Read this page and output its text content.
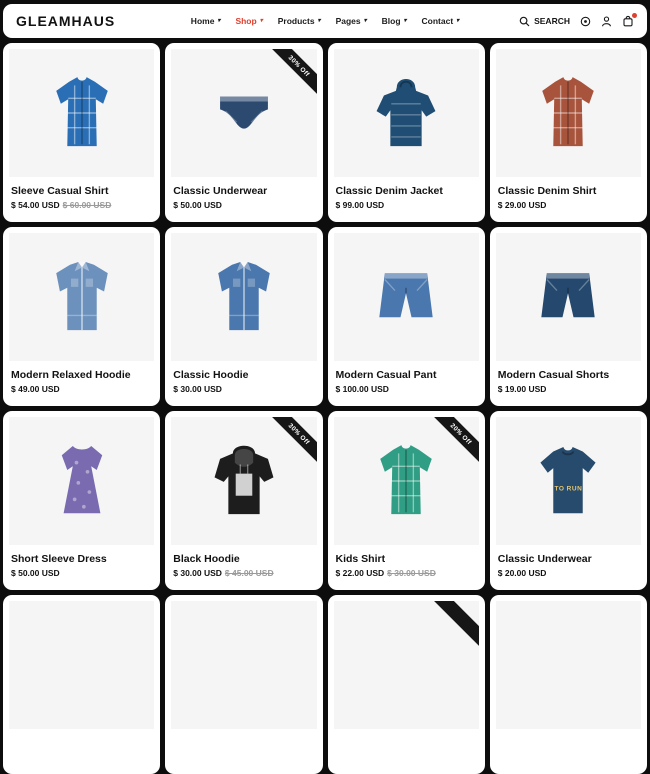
GLEAMHAUS	Home ▾ Shop ▾ Products ▾ Pages ▾ Blog ▾ Contact ▾	SEARCH
Sleeve Casual Shirt
$ 54.00 USD $ 60.00 USD
30% Off
Classic Underwear
$ 50.00 USD
Classic Denim Jacket
$ 99.00 USD
Classic Denim Shirt
$ 29.00 USD
Modern Relaxed Hoodie
$ 49.00 USD
Classic Hoodie
$ 30.00 USD
Modern Casual Pant
$ 100.00 USD
Modern Casual Shorts
$ 19.00 USD
Short Sleeve Dress
$ 50.00 USD
30% Off
Black Hoodie
$ 30.00 USD $ 45.00 USD
20% Off
Kids Shirt
$ 22.00 USD $ 30.00 USD
TO RUN
Classic Underwear
$ 20.00 USD
